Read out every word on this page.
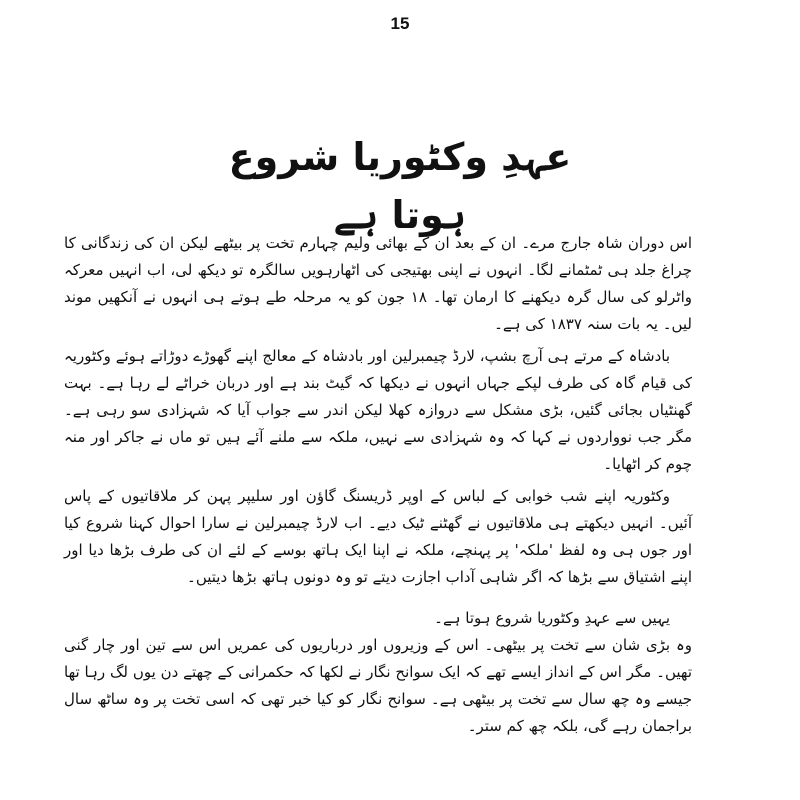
15
عہدِ وکٹوریا شروع ہوتا ہے

اس دوران شاہ جارج مرے۔ ان کے بعد ان کے بھائی ولیم چہارم تخت پر بیٹھے لیکن ان کی زندگانی کا چراغ جلد ہی ٹمٹمانے لگا۔ انہوں نے اپنی بھتیجی کی اٹھارہویں سالگرہ تو دیکھ لی، اب انہیں معرکہ واٹرلو کی سال گرہ دیکھنے کا ارمان تھا۔ ۱۸ جون کو یہ مرحلہ طے ہوتے ہی انہوں نے آنکھیں موند لیں۔ یہ بات سنہ ۱۸۳۷ کی ہے۔

بادشاہ کے مرتے ہی آرچ بشپ، لارڈ چیمبرلین اور بادشاہ کے معالج اپنے گھوڑے دوڑاتے ہوئے وکٹوریہ کی قیام گاہ کی طرف لپکے جہاں انہوں نے دیکھا کہ گیٹ بند ہے اور دربان خراٹے لے رہا ہے۔ بہت گھنٹیاں بجائی گئیں، بڑی مشکل سے دروازہ کھلا لیکن اندر سے جواب آیا کہ شہزادی سو رہی ہے۔ مگر جب نوواردوں نے کہا کہ وہ شہزادی سے نہیں، ملکہ سے ملنے آئے ہیں تو ماں نے جاکر اور منہ چوم کر اٹھایا۔

وکٹوریہ اپنے شب خوابی کے لباس کے اوپر ڈریسنگ گاؤن اور سلیپر پہن کر ملاقاتیوں کے پاس آئیں۔ انہیں دیکھتے ہی ملاقاتیوں نے گھٹنے ٹیک دیے۔ اب لارڈ چیمبرلین نے سارا احوال کہنا شروع کیا اور جوں ہی وہ لفظ 'ملکہ' پر پہنچے، ملکہ نے اپنا ایک ہاتھ بوسے کے لئے ان کی طرف بڑھا دیا اور اپنے اشتیاق سے بڑھا کہ اگر شاہی آداب اجازت دیتے تو وہ دونوں ہاتھ بڑھا دیتیں۔

یہیں سے عہدِ وکٹوریا شروع ہوتا ہے۔

وہ بڑی شان سے تخت پر بیٹھی۔ اس کے وزیروں اور درباریوں کی عمریں اس سے تین اور چار گنی تھیں۔ مگر اس کے انداز ایسے تھے کہ ایک سوانح نگار نے لکھا کہ حکمرانی کے چھتے دن یوں لگ رہا تھا جیسے وہ چھ سال سے تخت پر بیٹھی ہے۔ سوانح نگار کو کیا خبر تھی کہ اسی تخت پر وہ ساٹھ سال براجمان رہے گی، بلکہ چھ کم ستر۔
